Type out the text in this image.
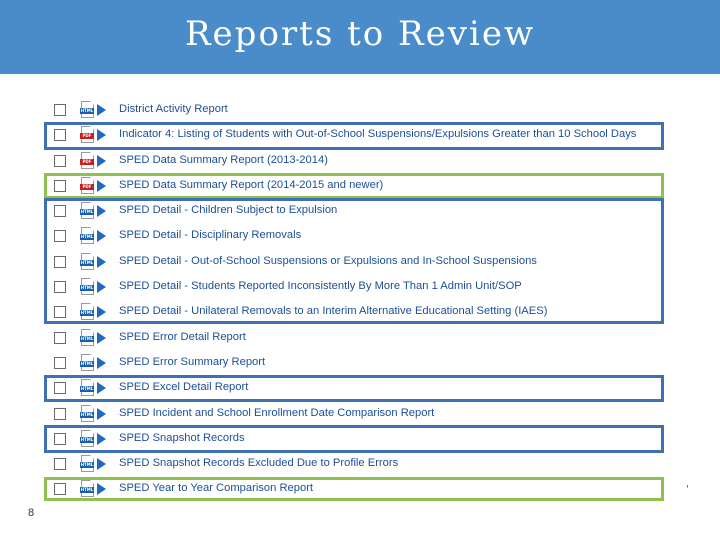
Reports to Review
HTML District Activity Report
PDF Indicator 4: Listing of Students with Out-of-School Suspensions/Expulsions Greater than 10 School Days
PDF SPED Data Summary Report (2013-2014)
PDF SPED Data Summary Report (2014-2015 and newer)
HTML SPED Detail - Children Subject to Expulsion
HTML SPED Detail - Disciplinary Removals
HTML SPED Detail - Out-of-School Suspensions or Expulsions and In-School Suspensions
HTML SPED Detail - Students Reported Inconsistently By More Than 1 Admin Unit/SOP
HTML SPED Detail - Unilateral Removals to an Interim Alternative Educational Setting (IAES)
HTML SPED Error Detail Report
HTML SPED Error Summary Report
HTML SPED Excel Detail Report
HTML SPED Incident and School Enrollment Date Comparison Report
HTML SPED Snapshot Records
HTML SPED Snapshot Records Excluded Due to Profile Errors
HTML SPED Year to Year Comparison Report
8
'
